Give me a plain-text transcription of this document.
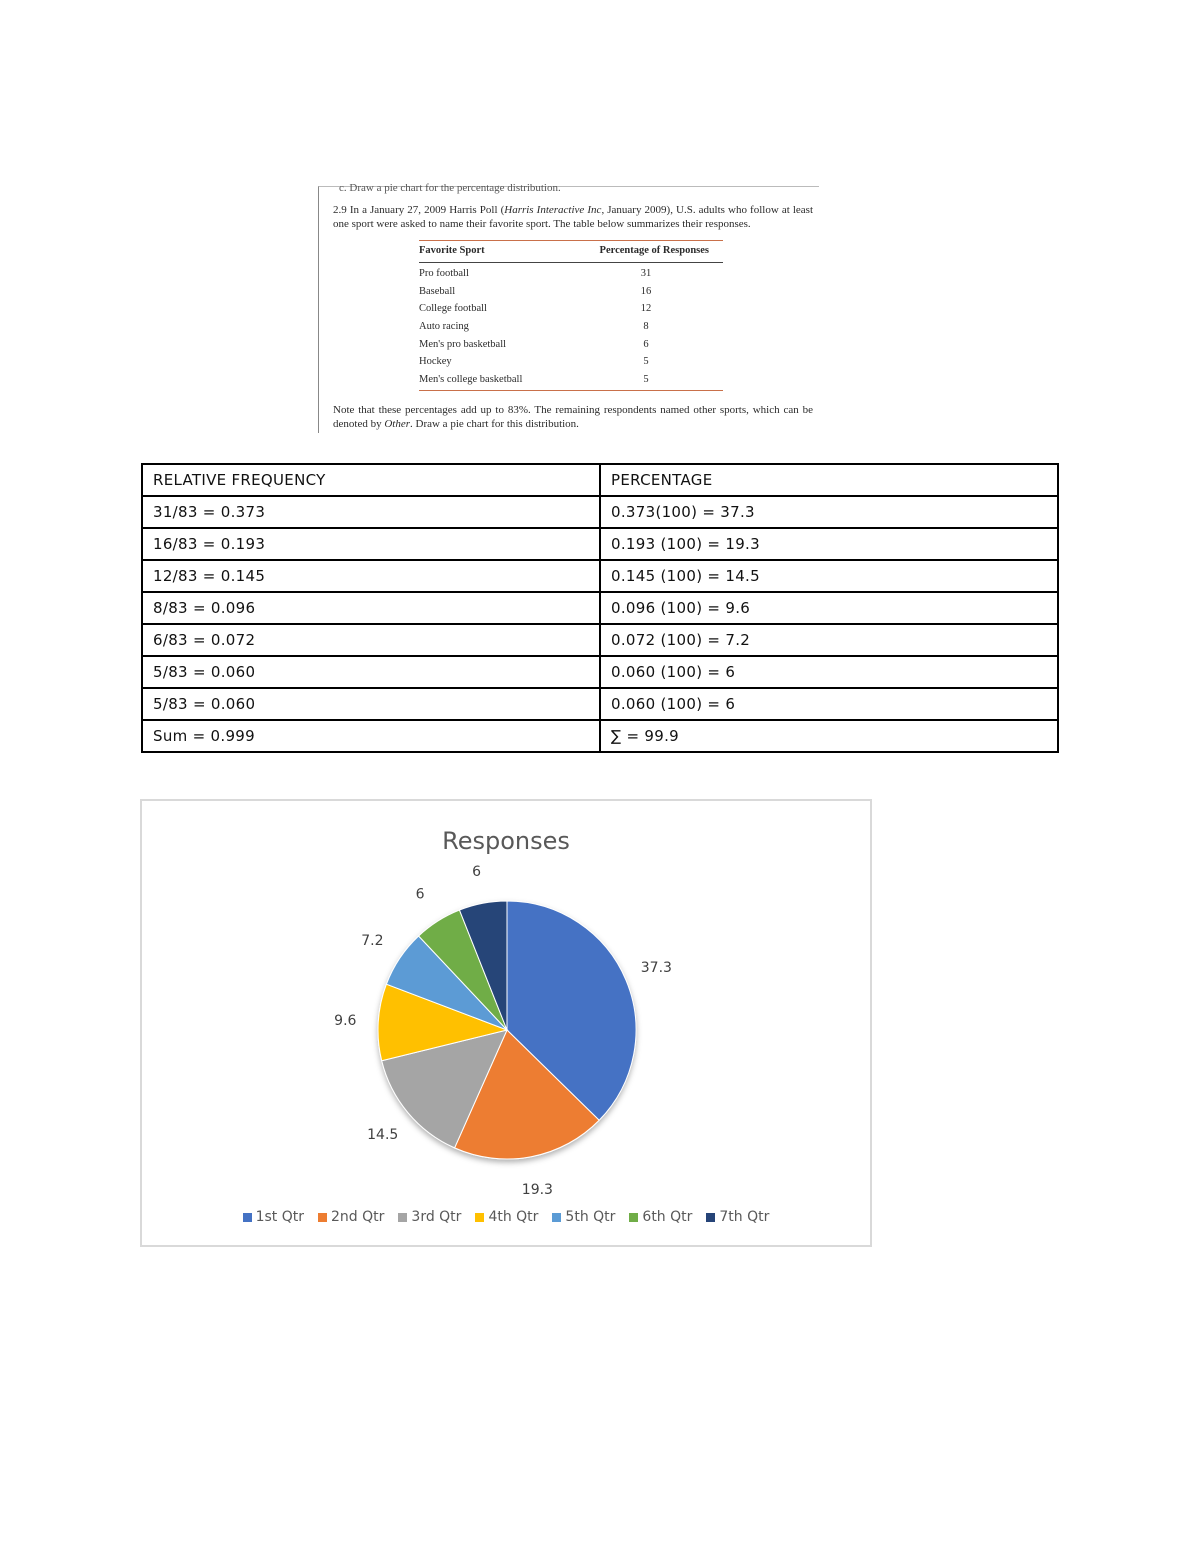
c. Draw a pie chart for the percentage distribution.
2.9 In a January 27, 2009 Harris Poll (Harris Interactive Inc, January 2009), U.S. adults who follow at least one sport were asked to name their favorite sport. The table below summarizes their responses.
Favorite Sport	Percentage of Responses
Pro football	31
Baseball	16
College football	12
Auto racing	8
Men's pro basketball	6
Hockey	5
Men's college basketball	5
Note that these percentages add up to 83%. The remaining respondents named other sports, which can be denoted by Other. Draw a pie chart for this distribution.
RELATIVE FREQUENCY	PERCENTAGE
31/83 = 0.373	0.373(100) = 37.3
16/83 = 0.193	0.193 (100) = 19.3
12/83 = 0.145	0.145 (100) = 14.5
8/83 = 0.096	0.096 (100) = 9.6
6/83 = 0.072	0.072 (100) = 7.2
5/83 = 0.060	0.060 (100) = 6
5/83 = 0.060	0.060 (100) = 6
Sum = 0.999	∑ = 99.9
Responses
37.3
19.3
14.5
9.6
7.2
6
6
1st Qtr 2nd Qtr 3rd Qtr 4th Qtr 5th Qtr 6th Qtr 7th Qtr
